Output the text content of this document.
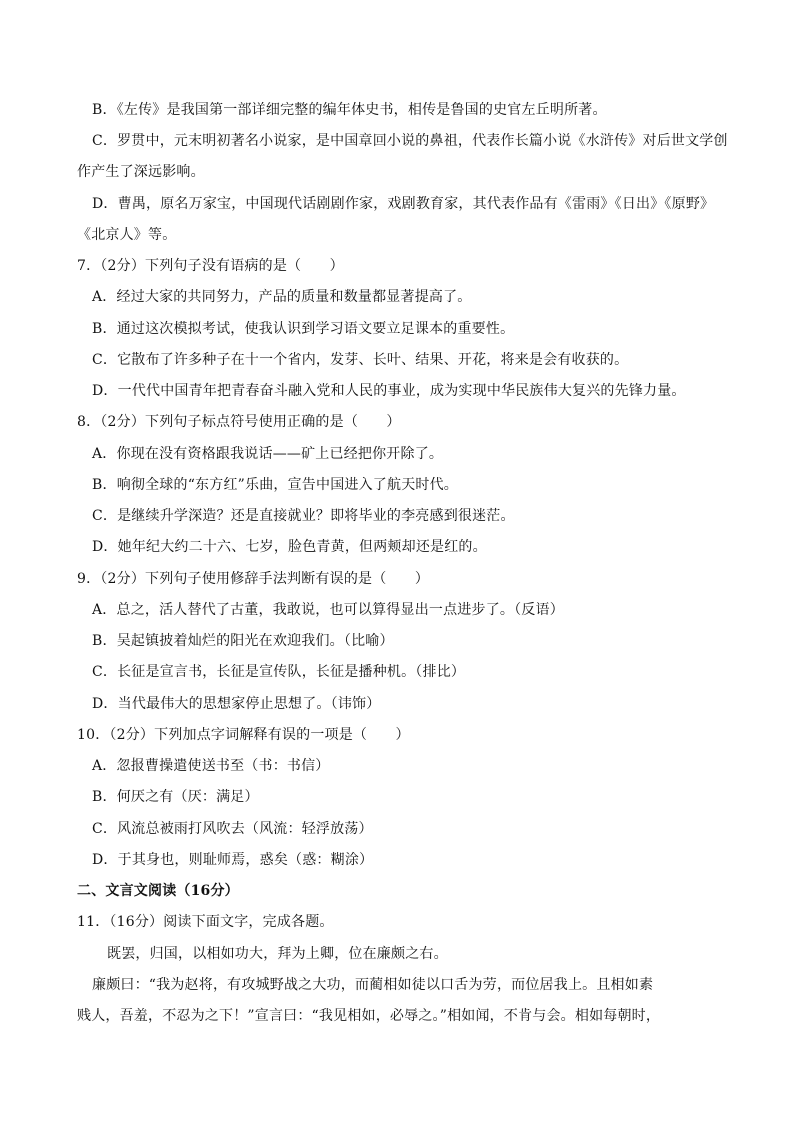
B．《左传》是我国第一部详细完整的编年体史书，相传是鲁国的史官左丘明所著。
C．罗贯中，元末明初著名小说家，是中国章回小说的鼻祖，代表作长篇小说《水浒传》对后世文学创
作产生了深远影响。
D．曹禺，原名万家宝，中国现代话剧剧作家，戏剧教育家，其代表作品有《雷雨》《日出》《原野》
《北京人》等。
7．（2分）下列句子没有语病的是（　　）
A．经过大家的共同努力，产品的质量和数量都显著提高了。
B．通过这次模拟考试，使我认识到学习语文要立足课本的重要性。
C．它散布了许多种子在十一个省内，发芽、长叶、结果、开花，将来是会有收获的。
D．一代代中国青年把青春奋斗融入党和人民的事业，成为实现中华民族伟大复兴的先锋力量。
8．（2分）下列句子标点符号使用正确的是（　　）
A．你现在没有资格跟我说话——矿上已经把你开除了。
B．响彻全球的“东方红”乐曲，宣告中国进入了航天时代。
C．是继续升学深造？还是直接就业？即将毕业的李亮感到很迷茫。
D．她年纪大约二十六、七岁，脸色青黄，但两颊却还是红的。
9．（2分）下列句子使用修辞手法判断有误的是（　　）
A．总之，活人替代了古董，我敢说，也可以算得显出一点进步了。（反语）
B．吴起镇披着灿烂的阳光在欢迎我们。（比喻）
C．长征是宣言书，长征是宣传队，长征是播种机。（排比）
D．当代最伟大的思想家停止思想了。（讳饰）
10．（2分）下列加点字词解释有误的一项是（　　）
A．忽报曹操遣使送书至（书：书信）
B．何厌之有（厌：满足）
C．风流总被雨打风吹去（风流：轻浮放荡）
D．于其身也，则耻师焉，惑矣（惑：糊涂）
二、文言文阅读（16分）
11．（16分）阅读下面文字，完成各题。
既罢，归国，以相如功大，拜为上卿，位在廉颇之右。
廉颇曰：“我为赵将，有攻城野战之大功，而蔺相如徒以口舌为劳，而位居我上。且相如素
贱人，吾羞，不忍为之下！”宣言曰：“我见相如，必辱之。”相如闻，不肯与会。相如每朝时，
